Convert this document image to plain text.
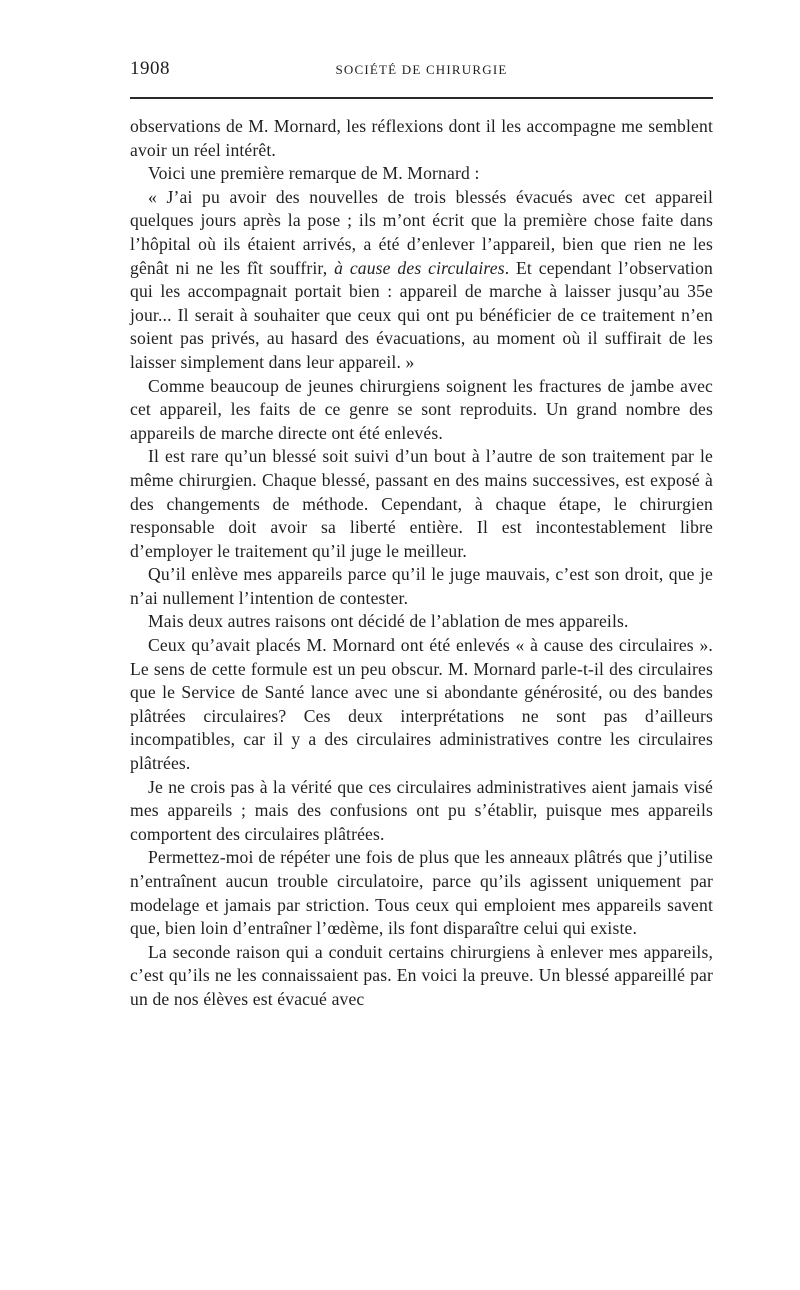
1908	SOCIÉTÉ DE CHIRURGIE

observations de M. Mornard, les réflexions dont il les accompagne me semblent avoir un réel intérêt.

Voici une première remarque de M. Mornard :

« J’ai pu avoir des nouvelles de trois blessés évacués avec cet appareil quelques jours après la pose ; ils m’ont écrit que la première chose faite dans l’hôpital où ils étaient arrivés, a été d’enlever l’appareil, bien que rien ne les gênât ni ne les fît souffrir, à cause des circulaires. Et cependant l’observation qui les accompagnait portait bien : appareil de marche à laisser jusqu’au 35e jour... Il serait à souhaiter que ceux qui ont pu bénéficier de ce traitement n’en soient pas privés, au hasard des évacuations, au moment où il suffirait de les laisser simplement dans leur appareil. »

Comme beaucoup de jeunes chirurgiens soignent les fractures de jambe avec cet appareil, les faits de ce genre se sont reproduits. Un grand nombre des appareils de marche directe ont été enlevés.

Il est rare qu’un blessé soit suivi d’un bout à l’autre de son traitement par le même chirurgien. Chaque blessé, passant en des mains successives, est exposé à des changements de méthode. Cependant, à chaque étape, le chirurgien responsable doit avoir sa liberté entière. Il est incontestablement libre d’employer le traitement qu’il juge le meilleur.

Qu’il enlève mes appareils parce qu’il le juge mauvais, c’est son droit, que je n’ai nullement l’intention de contester.

Mais deux autres raisons ont décidé de l’ablation de mes appareils.

Ceux qu’avait placés M. Mornard ont été enlevés « à cause des circulaires ». Le sens de cette formule est un peu obscur. M. Mornard parle-t-il des circulaires que le Service de Santé lance avec une si abondante générosité, ou des bandes plâtrées circulaires? Ces deux interprétations ne sont pas d’ailleurs incompatibles, car il y a des circulaires administratives contre les circulaires plâtrées.

Je ne crois pas à la vérité que ces circulaires administratives aient jamais visé mes appareils ; mais des confusions ont pu s’établir, puisque mes appareils comportent des circulaires plâtrées.

Permettez-moi de répéter une fois de plus que les anneaux plâtrés que j’utilise n’entraînent aucun trouble circulatoire, parce qu’ils agissent uniquement par modelage et jamais par striction. Tous ceux qui emploient mes appareils savent que, bien loin d’entraîner l’œdème, ils font disparaître celui qui existe.

La seconde raison qui a conduit certains chirurgiens à enlever mes appareils, c’est qu’ils ne les connaissaient pas. En voici la preuve. Un blessé appareillé par un de nos élèves est évacué avec
